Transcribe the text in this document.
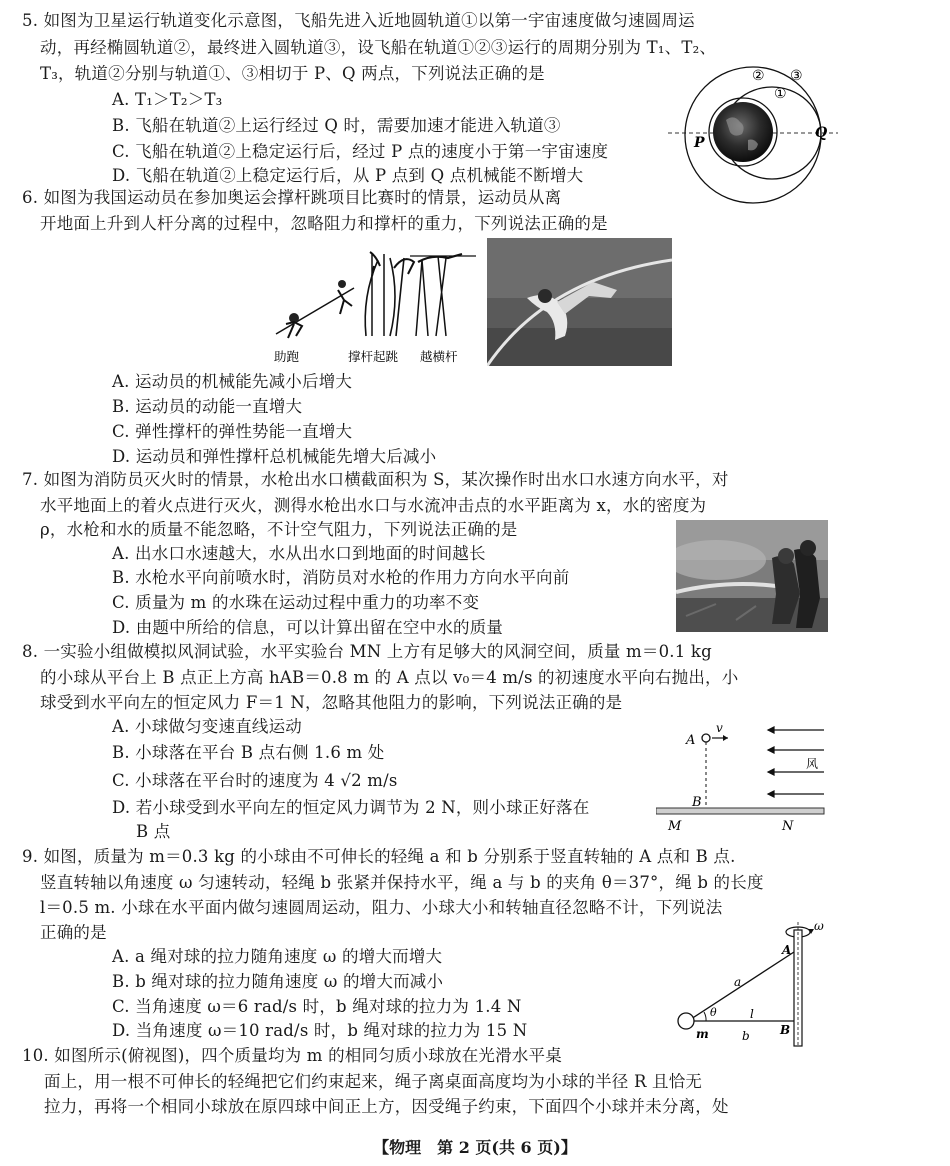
5. 如图为卫星运行轨道变化示意图，飞船先进入近地圆轨道①以第一宇宙速度做匀速圆周运
动，再经椭圆轨道②，最终进入圆轨道③，设飞船在轨道①②③运行的周期分别为 T₁、T₂、
T₃，轨道②分别与轨道①、③相切于 P、Q 两点，下列说法正确的是
A. T₁＞T₂＞T₃
B. 飞船在轨道②上运行经过 Q 时，需要加速才能进入轨道③
C. 飞船在轨道②上稳定运行后，经过 P 点的速度小于第一宇宙速度
D. 飞船在轨道②上稳定运行后，从 P 点到 Q 点机械能不断增大
①
② ③
P
Q
6. 如图为我国运动员在参加奥运会撑杆跳项目比赛时的情景，运动员从离
开地面上升到人杆分离的过程中，忽略阻力和撑杆的重力，下列说法正确的是
助跑	撑杆起跳 越横杆
A. 运动员的机械能先减小后增大
B. 运动员的动能一直增大
C. 弹性撑杆的弹性势能一直增大
D. 运动员和弹性撑杆总机械能先增大后减小
7. 如图为消防员灭火时的情景，水枪出水口横截面积为 S，某次操作时出水口水速方向水平，对
水平地面上的着火点进行灭火，测得水枪出水口与水流冲击点的水平距离为 x，水的密度为
ρ，水枪和水的质量不能忽略，不计空气阻力，下列说法正确的是
A. 出水口水速越大，水从出水口到地面的时间越长
B. 水枪水平向前喷水时，消防员对水枪的作用力方向水平向前
C. 质量为 m 的水珠在运动过程中重力的功率不变
D. 由题中所给的信息，可以计算出留在空中水的质量
8. 一实验小组做模拟风洞试验，水平实验台 MN 上方有足够大的风洞空间，质量 m＝0.1 kg
的小球从平台上 B 点正上方高 hAB＝0.8 m 的 A 点以 v₀＝4 m/s 的初速度水平向右抛出，小
球受到水平向左的恒定风力 F＝1 N，忽略其他阻力的影响，下列说法正确的是
A. 小球做匀变速直线运动
B. 小球落在平台 B 点右侧 1.6 m 处
C. 小球落在平台时的速度为 4 √2 m/s
D. 若小球受到水平向左的恒定风力调节为 2 N，则小球正好落在
B 点
A
v
B
风
M	N
9. 如图，质量为 m＝0.3 kg 的小球由不可伸长的轻绳 a 和 b 分别系于竖直转轴的 A 点和 B 点.
竖直转轴以角速度 ω 匀速转动，轻绳 b 张紧并保持水平，绳 a 与 b 的夹角 θ＝37°，绳 b 的长度
l＝0.5 m. 小球在水平面内做匀速圆周运动，阻力、小球大小和转轴直径忽略不计，下列说法
正确的是
A. a 绳对球的拉力随角速度 ω 的增大而增大
B. b 绳对球的拉力随角速度 ω 的增大而减小
C. 当角速度 ω＝6 rad/s 时，b 绳对球的拉力为 1.4 N
D. 当角速度 ω＝10 rad/s 时，b 绳对球的拉力为 15 N
A
B
a
b
l
m
θ
ω
10. 如图所示(俯视图)，四个质量均为 m 的相同匀质小球放在光滑水平桌
面上，用一根不可伸长的轻绳把它们约束起来，绳子离桌面高度均为小球的半径 R 且恰无
拉力，再将一个相同小球放在原四球中间正上方，因受绳子约束，下面四个小球并未分离，处
【物理　第 2 页(共 6 页)】
